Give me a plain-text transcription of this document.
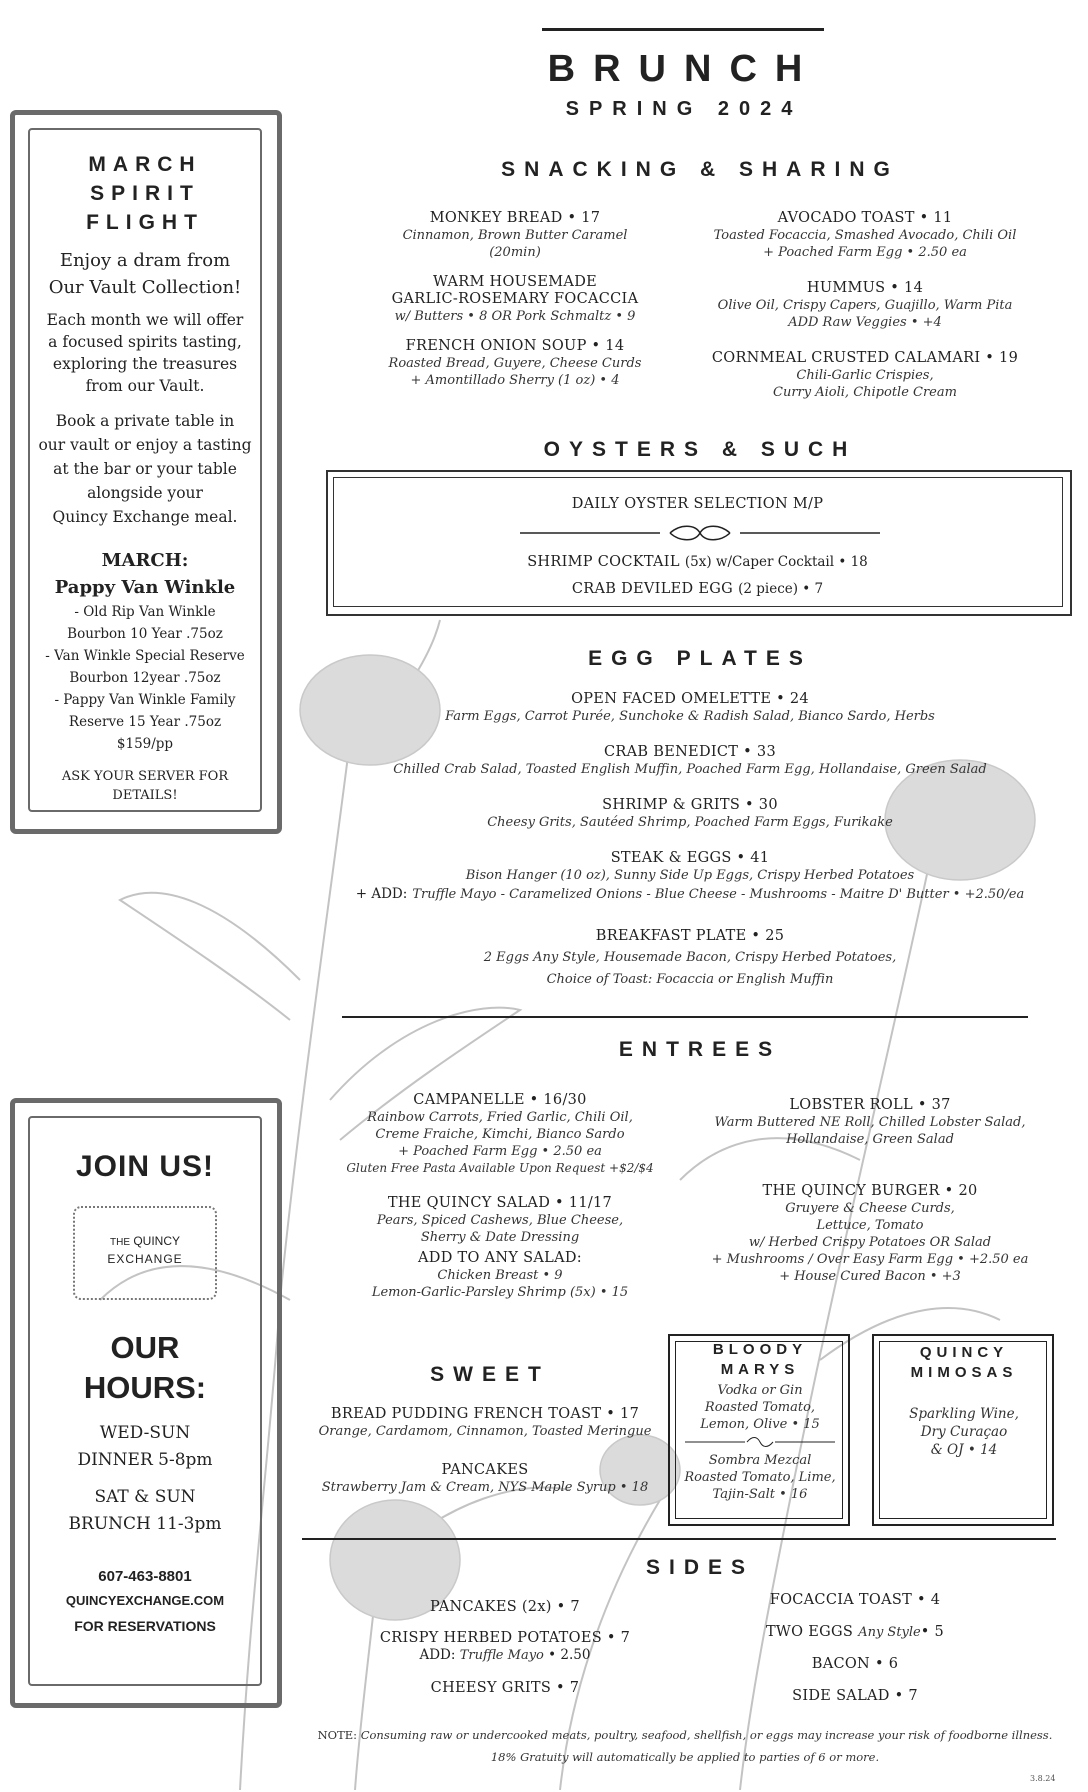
BRUNCH
SPRING 2024
MARCH
SPIRIT
FLIGHT
Enjoy a dram from
Our Vault Collection!
Each month we will offer
a focused spirits tasting,
exploring the treasures
from our Vault.
Book a private table in
our vault or enjoy a tasting
at the bar or your table
alongside your
Quincy Exchange meal.
MARCH:
Pappy Van Winkle
- Old Rip Van Winkle
Bourbon 10 Year .75oz
- Van Winkle Special Reserve
Bourbon 12year .75oz
- Pappy Van Winkle Family
Reserve 15 Year .75oz
$159/pp
ASK YOUR SERVER FOR
DETAILS!
JOIN US!
THE QUINCY
EXCHANGE
OUR
HOURS:
WED-SUN
DINNER 5-8pm
SAT & SUN
BRUNCH 11-3pm
607-463-8801
QUINCYEXCHANGE.COM
FOR RESERVATIONS
SNACKING & SHARING
MONKEY BREAD • 17
Cinnamon, Brown Butter Caramel
(20min)
WARM HOUSEMADE
GARLIC-ROSEMARY FOCACCIA
w/ Butters • 8 OR Pork Schmaltz • 9
FRENCH ONION SOUP • 14
Roasted Bread, Guyere, Cheese Curds
+ Amontillado Sherry (1 oz) • 4
AVOCADO TOAST • 11
Toasted Focaccia, Smashed Avocado, Chili Oil
+ Poached Farm Egg • 2.50 ea
HUMMUS • 14
Olive Oil, Crispy Capers, Guajillo, Warm Pita
ADD Raw Veggies • +4
CORNMEAL CRUSTED CALAMARI • 19
Chili-Garlic Crispies,
Curry Aioli, Chipotle Cream
OYSTERS & SUCH
DAILY OYSTER SELECTION M/P
SHRIMP COCKTAIL (5x) w/Caper Cocktail • 18
CRAB DEVILED EGG (2 piece) • 7
EGG PLATES
OPEN FACED OMELETTE • 24
Farm Eggs, Carrot Purée, Sunchoke & Radish Salad, Bianco Sardo, Herbs
CRAB BENEDICT • 33
Chilled Crab Salad, Toasted English Muffin, Poached Farm Egg, Hollandaise, Green Salad
SHRIMP & GRITS • 30
Cheesy Grits, Sautéed Shrimp, Poached Farm Eggs, Furikake
STEAK & EGGS • 41
Bison Hanger (10 oz), Sunny Side Up Eggs, Crispy Herbed Potatoes
+ ADD: Truffle Mayo - Caramelized Onions - Blue Cheese - Mushrooms - Maitre D' Butter • +2.50/ea
BREAKFAST PLATE • 25
2 Eggs Any Style, Housemade Bacon, Crispy Herbed Potatoes,
Choice of Toast: Focaccia or English Muffin
ENTREES
CAMPANELLE • 16/30
Rainbow Carrots, Fried Garlic, Chili Oil,
Creme Fraiche, Kimchi, Bianco Sardo
+ Poached Farm Egg • 2.50 ea
Gluten Free Pasta Available Upon Request +$2/$4
THE QUINCY SALAD • 11/17
Pears, Spiced Cashews, Blue Cheese,
Sherry & Date Dressing
ADD TO ANY SALAD:
Chicken Breast • 9
Lemon-Garlic-Parsley Shrimp (5x) • 15
LOBSTER ROLL • 37
Warm Buttered NE Roll, Chilled Lobster Salad,
Hollandaise, Green Salad
THE QUINCY BURGER • 20
Gruyere & Cheese Curds,
Lettuce, Tomato
w/ Herbed Crispy Potatoes OR Salad
+ Mushrooms / Over Easy Farm Egg • +2.50 ea
+ House Cured Bacon • +3
SWEET
BREAD PUDDING FRENCH TOAST • 17
Orange, Cardamom, Cinnamon, Toasted Meringue
PANCAKES
Strawberry Jam & Cream, NYS Maple Syrup • 18
BLOODY
MARYS
Vodka or Gin
Roasted Tomato,
Lemon, Olive • 15
Sombra Mezcal
Roasted Tomato, Lime,
Tajin-Salt • 16
QUINCY
MIMOSAS
Sparkling Wine,
Dry Curaçao
& OJ • 14
SIDES
PANCAKES (2x) • 7
CRISPY HERBED POTATOES • 7
ADD: Truffle Mayo • 2.50
CHEESY GRITS • 7
FOCACCIA TOAST • 4
TWO EGGS Any Style• 5
BACON • 6
SIDE SALAD • 7
NOTE: Consuming raw or undercooked meats, poultry, seafood, shellfish, or eggs may increase your risk of foodborne illness.
18% Gratuity will automatically be applied to parties of 6 or more.
3.8.24
